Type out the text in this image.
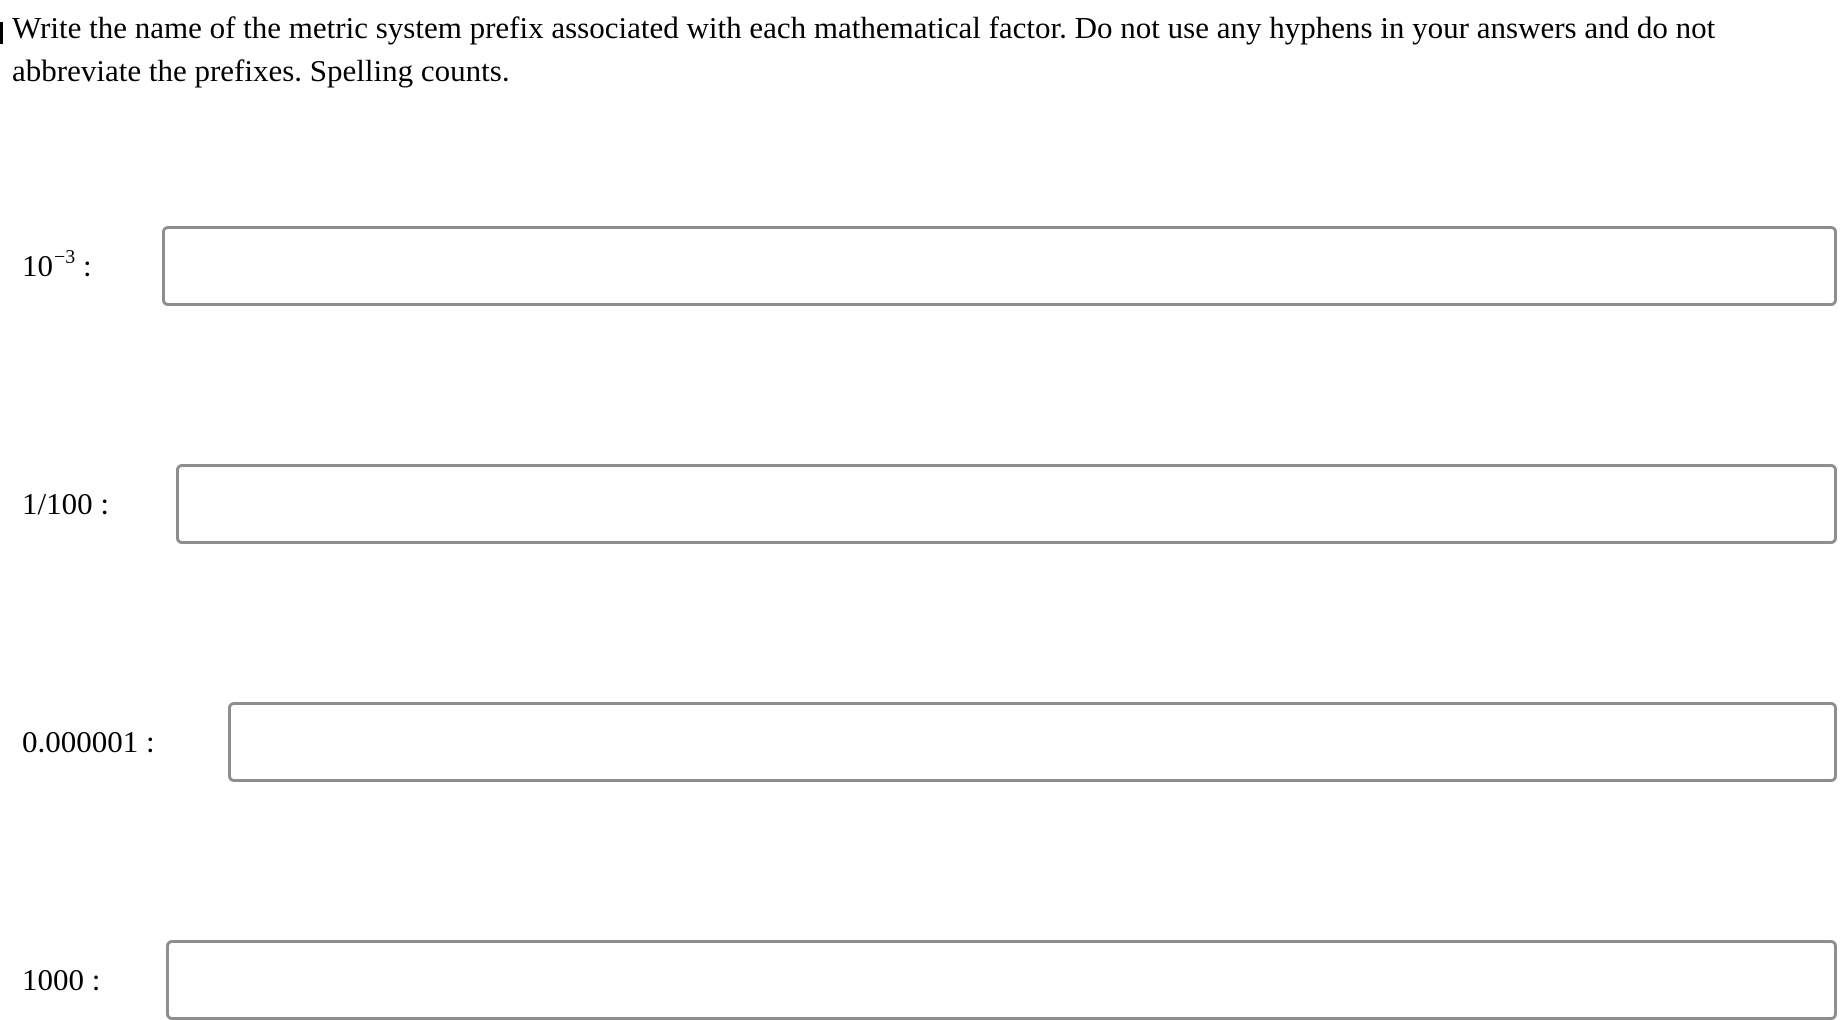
Write the name of the metric system prefix associated with each mathematical factor. Do not use any hyphens in your answers and do not abbreviate the prefixes. Spelling counts.

$10^{-3}$ :
1/100 :
0.000001 :
1000 :
